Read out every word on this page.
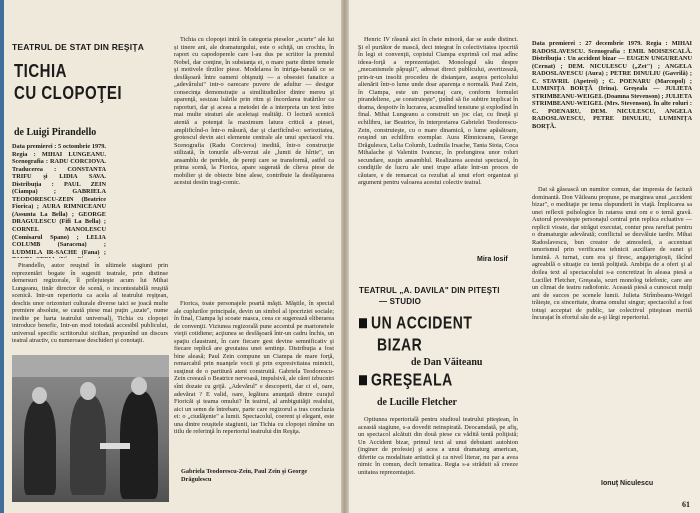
TEATRUL DE STAT DIN REŞIŢA
TICHIA
CU CLOPOŢEI
de Luigi Pirandello

Data premierei : 5 octombrie 1979. Regia : MIHAI LUNGEANU. Scenografia : RADU CORCIOVA. Traducerea : CONSTANTA TRIFU şi LIDIA SAVA. Distribuţia : PAUL ZEIN (Ciampa) ; GABRIELA TEODORESCU-ZEIN (Beatrice Fiorica) ; AURA RIMNICEANU (Assunta La Bella) ; GEORGE DRAGULESCU (Fifi La Bella) ; CORNEL MANOLESCU (Comisarul Spano) ; LELIA COLUMB (Saracena) ; LUDMILA IR-SACHE (Fana) ;

Pirandello, autor reuşind în ultimele stagiuni prin reprezentări bogate în sugestii teatrale, prin distinse demersuri regizorale, îl prilejuieşte acum lui Mihai Lungeanu, tinăr director de scenă, o incontestabilă reuşită scenică. Intr-un repertoriu ca acela al teatrului reşiţean, deschis unor orizonturi culturale diverse taici se joacă multe premiere absolute, se caută piese mai puţin „uzate", nume inedite pe harta teatrului universal), Tichia cu clopoţei introduce benefic, Intr-un mod totodată accesibil publicului, universul specific scriitorului sicilian, propunînd un discurs teatral atractiv, cu numeroase deschideri şi conotaţii.

Tichia cu clopoţei intră în categoria pieselor „scurte" ale lui și tinere ani, ale dramaturgului, este o schiţă, un crochiu, în raport cu capodoperele care l-au dus pe scriitor la premiul Nobel, dar conţine, în substanţa ei, o mare parte dintre temele şi motivele tîrzilor piese. Modelarea în intriga-banală ce se desfăşoară între oameni obişnuiţi — a obsesiei fanatice a „adevărului" intr-o oarecare puvere de adultur — desigur consecinţa demonstraţie a similitudinilor dintre mereu şi aparenţă, sesizau luările prin ritm şi încordarea tratărilor ca raporturi, dar şi aceea a metodei de a interpreta un text între mai multe straturi ale aceleiaşi realităţi. O lectură scenică atentă a potenţat la maximum latura critică a piesei, amplificînd-o într-o măsură, dar şi clarificînd-o: seriozitatea, grotescul devin aici elemente centrale ale unui spectacol viu. Scenografia (Radu Corciova) inedită, într-o construcţie stilizată, în tonurile alb-verzui ale „lumii de hîrtie", un ansamblu de perdele, de pereţi care se transformă, astfel ca prima scenă, la Fiorica, apare sugerată de cîteva piese de mobilier şi de obiecte bine alese, contribuie la desfăşurarea acestui destin tragi-comic.

Fiorica, toate personajele poartă măşti. Măştile, în special ale cuplurilor principale, devin un simbol al ipocriziei sociale; în final, Ciampa îşi scoate masca, ceea ce sugerează eliberarea de convenţii. Viziunea regizorală pune accentul pe marionetele vieţii cotidiene; acţiunea se desfăşoară într-un cadru închis, un spaţiu claustrant, în care fiecare gest devine semnificativ şi fiecare replică are greutatea unei sentinţe. Distribuţia a fost bine aleasă; Paul Zein compune un Ciampa de mare forţă, remarcabil prin nuanţele vocii şi prin expresivitatea mimicii, susţinut de o partitură atent construită. Gabriela Teodorescu-Zein creează o Beatrice nervoasă, impulsivă, ale cărei izbucniri sînt dozate cu grijă. „Adevărul" e descoperit, dar ci el, oare, adevărat ? E valid, oare, legătura anunţată dintre curajul Fioricăi şi teama omului? În teatrul, al ambiguităţii realului, aici un semn de întrebare, parte care regizorul a tras concluzia ei: o „ciudăţenie" a lumii. Spectacolul, coerent şi elegant, este una dintre reuşitele stagiunii, iar Tichia cu clopoţei rămîne un titlu de referinţă în repertoriul teatrului din Reşiţa.

Gabriela Teodorescu-Zein, Paul Zein şi George Drăgulescu

Henric IV răsună aici în cheie minoră, dar se aude distinct. Şi el purtător de mască, deci integrat în colectivitatea ipocrită în legi ei convenţii, copistul Ciampa exprimă cel mai adînc ideea-forţă a reprezentaţiei. Monologul său despre „mecanismele păpuşii", adresat direct publicului, avertizează, prin-tr-un insolit procedeu de distanţare, asupra pericolului alienării într-o lume unde doar aparenţa e normală. Paul Zein, în Ciampa, este un personaj care, conform formulei pirandeliene, „se construieşte", ţinînd să fie subtire implicat în drama, despotiv în lucrarea, acumulînd tensiune şi explodînd în final. Mihai Lungeanu a construit un joc clar, cu fineţă şi echilibru, iar Beatrice, în interpretarea Gabrielei Teodorescu-Zein, construieşte, cu o mare dinamică, o lume apăsătoare, reuşind un echilibru exemplar. Aura Rîmniceanu, George Drăgulescu, Lelia Columb, Ludmila Irsache, Tanta Stoia, Coca Mihalache şi Valentin Ivancuc, în prelungirea unor roluri secundare, susţin ansamblul. Realizarea acestui spectacol, în condiţiile de lucru ale unei trupe aflate într-un proces de căutare, e de remarcat ca rezultat al unui efort organizat şi argument pentru valoarea acestui colectiv teatral.

Mira Iosif
TEATRUL „A. DAVILA" DIN PITEŞTI
— STUDIO
UN ACCIDENT
BIZAR
de Dan Văiteanu
GREŞEALA
de Lucille Fletcher

Optiunea repertorială pentru studioul teatrului piteştean, în această stagiune, s-a dovedit neinspirată. Deocamdată, pe afiş, un spectacol alcătuit din două piese cu vădită tentă poliţistă; Un Accident bizar, primul text al unui debutant autohton (inginer de profesie) şi acea a unui dramaturg american, diferite ca modalitate artistică şi ca nivel literar, nu par a avea nimic în comun, decît tematica. Regia s-a străduit să creeze unitatea reprezentaţiei.

Data premierei : 27 decembrie 1979. Regia : MIHAI RADOSLAVESCU. Scenografia : EMIL MOISESCALĂ. Distribuţia : Un accident bizar — EUGEN UNGUREANU (Cernat) ; DEM. NICULESCU („Zet") ; ANGELA RADOSLAVESCU (Aura) ; PETRE DINULIU (Gavrilă) ; C. STAVRIL (Apetrei) ; C. POENARU (Marcopol) ; LUMINIŢA BORŢĂ (Irina). Greşeala — JULIETA STRIMBEANU-WEIGEL (Doamna Stevenson) ; JULIETA STRIMBEANU-WEIGEL (Mrs. Stevenson). În alte roluri : C. POENARU, DEM. NICULESCU, ANGELA RADOSLAVESCU, PETRE DINULIU, LUMINIŢA BORŢĂ.

Dat să găsească un numitor comun, dar impresia de factură dominantă. Don Văileanu propune, pe marginea unui „accident bizar", o meditaţie pe tema răspunderii în viaţă. Împlicarea sa unei reflexii psihologice în ratarea unui om e o temă gravă. Autorul povesteşte personajul central prin replica ecluative — replicii vioaie, dar străgut executat, contur prea rarefiat pentru o dramaturgie adevărată; conflictul se dezvăluie tardiv. Mihai Radoslavescu, bun creator de atmosferă, a accentuat umorismul prin verificarea tehnicii auxiliare de sunet şi lumină. A turnat, cum era şi firesc, angajerigioșii, făcînd agreabilă o situaţie cu tentă poliţistă. Ambiţia de a oferi şi al doilea text al spectacolului s-a concretizat în aleasa piesă a Lucillei Fletcher, Greşeala, scurt monolog telefonic, care are un climat de teatru radiofonic. Această piesă a cunoscut mulţi ani de succes pe scenele lumii. Julieta Strîmbeanu-Weigel trăieşte, cu sinceritate, drama omului singur; spectacolul a fost totuşi acceptat de public, iar colectivul piteştean merită încurajat în efortul său de a-şi lărgi repertoriul.

Ionuţ Niculescu
61
